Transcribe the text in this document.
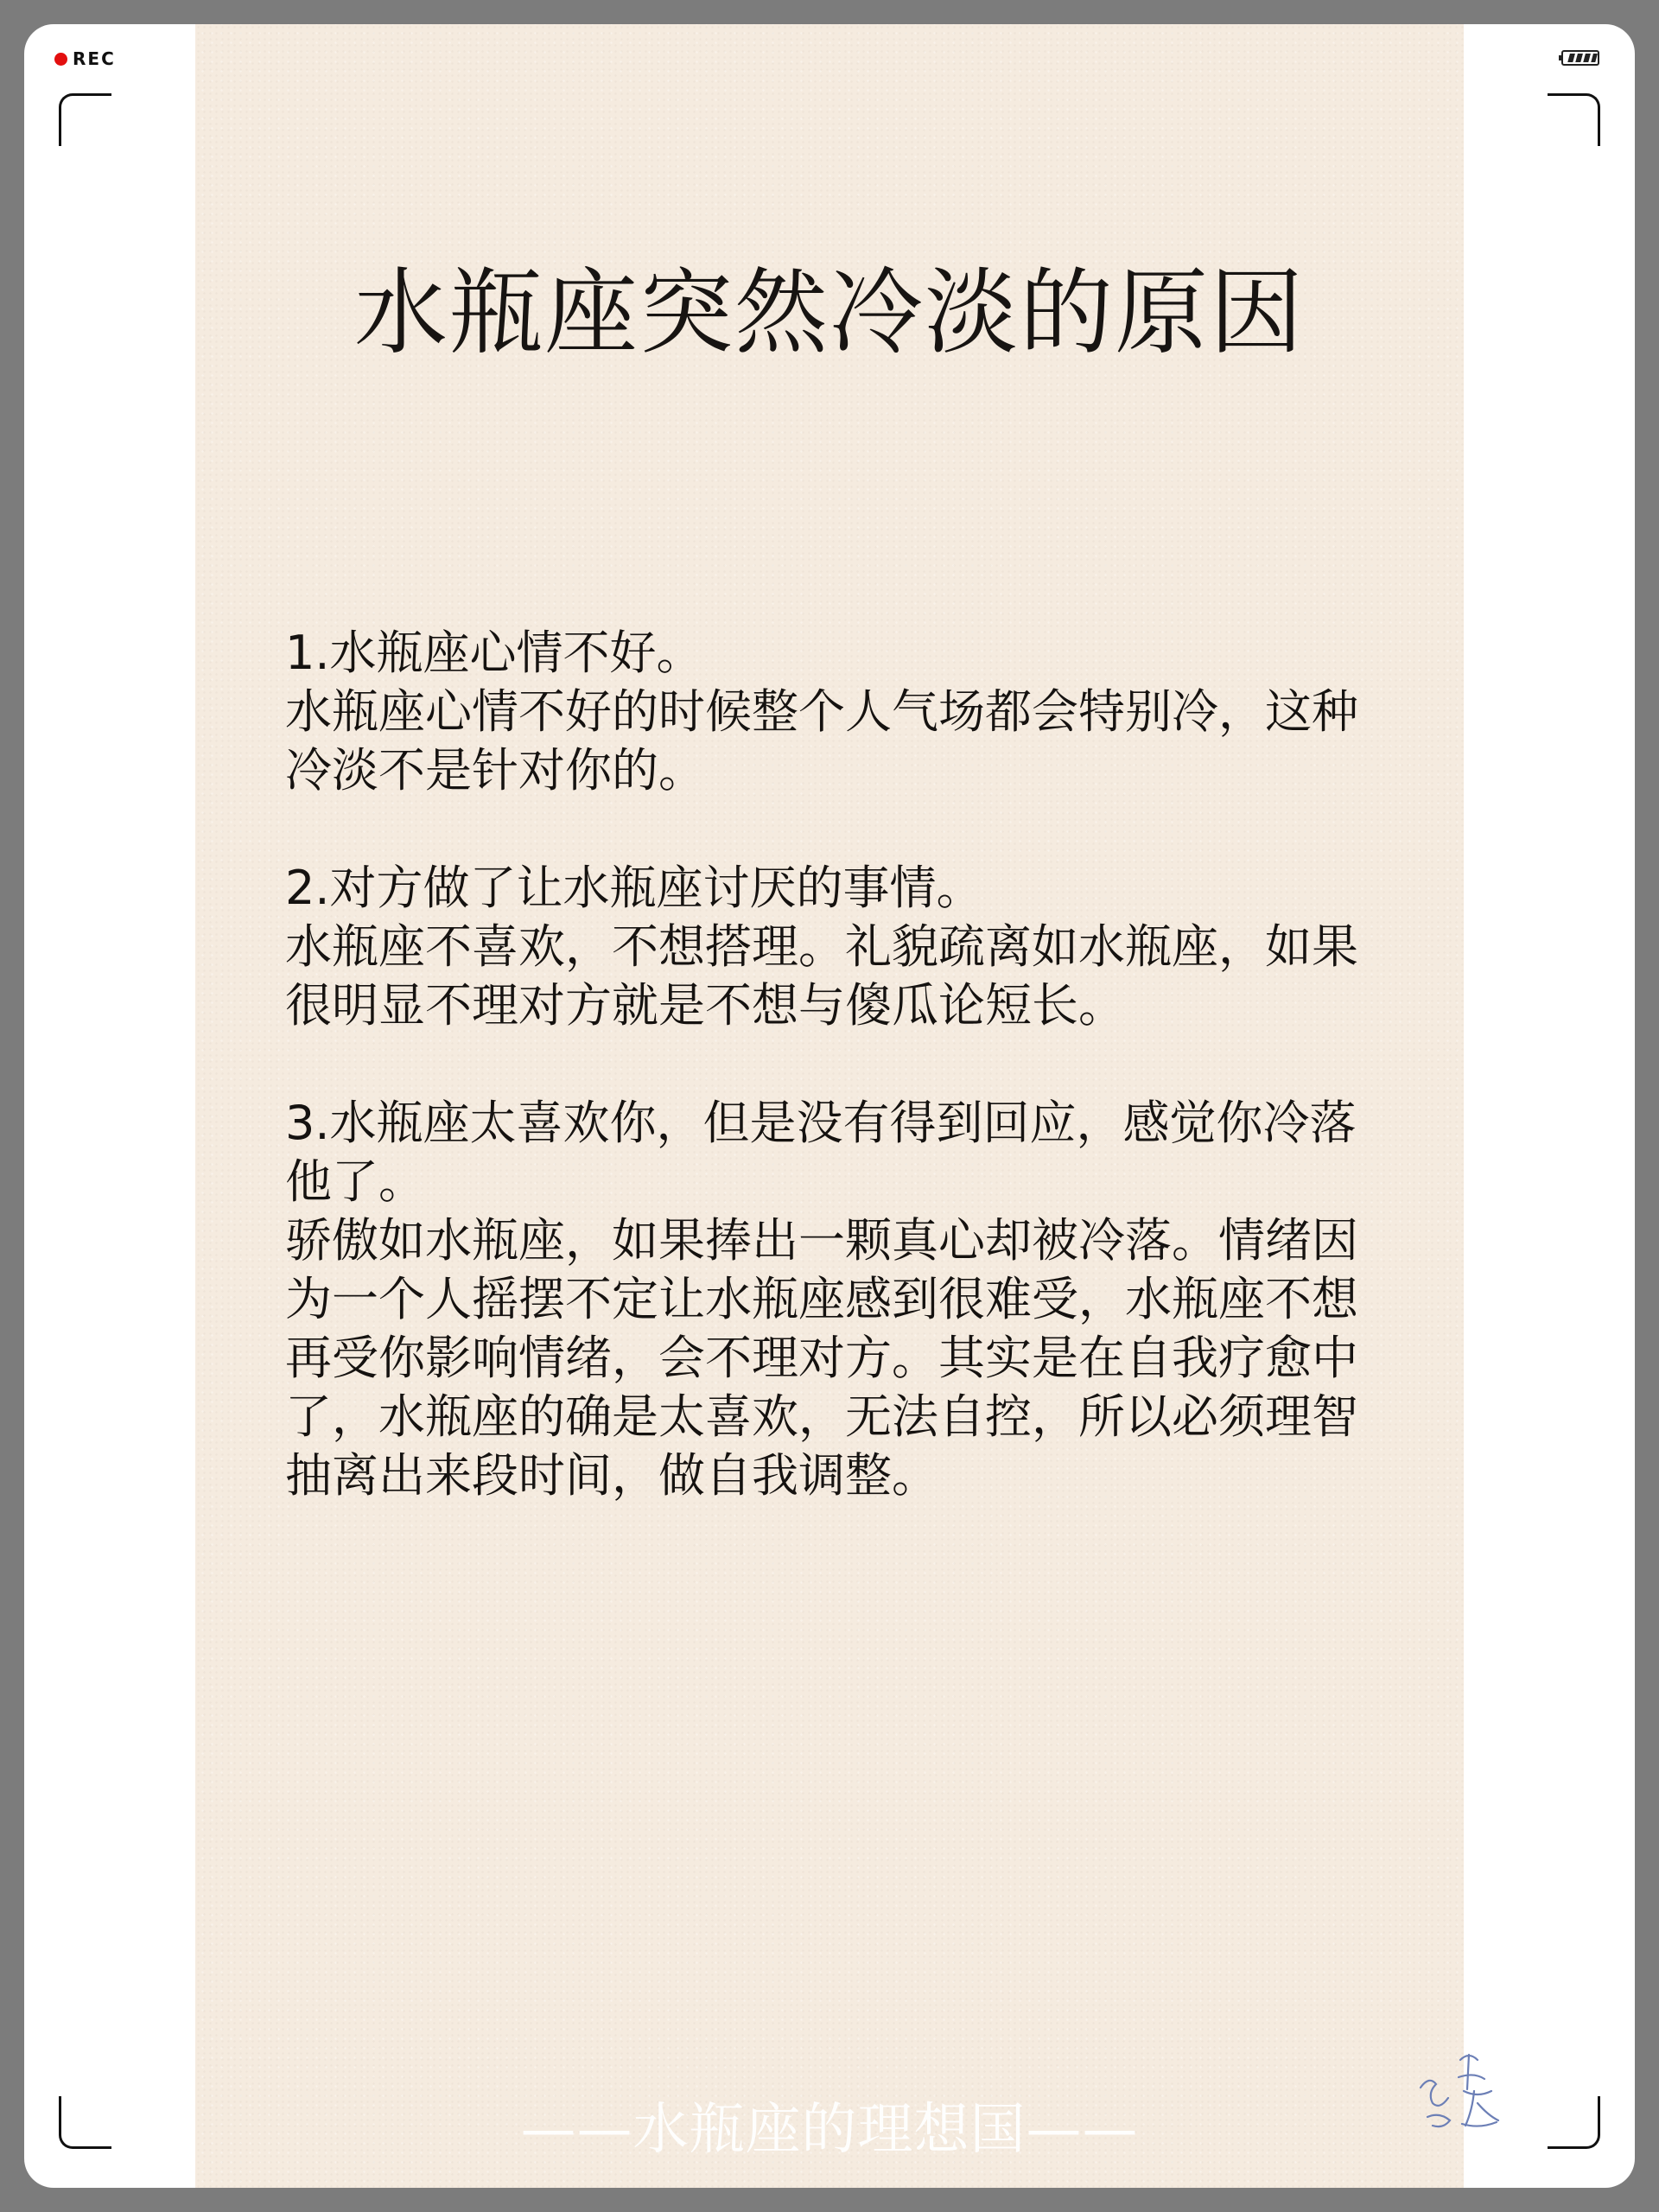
REC
水瓶座突然冷淡的原因

1.水瓶座心情不好。

水瓶座心情不好的时候整个人气场都会特别冷，这种冷淡不是针对你的。

2.对方做了让水瓶座讨厌的事情。

水瓶座不喜欢，不想搭理。礼貌疏离如水瓶座，如果很明显不理对方就是不想与傻瓜论短长。

3.水瓶座太喜欢你，但是没有得到回应，感觉你冷落他了。

骄傲如水瓶座，如果捧出一颗真心却被冷落。情绪因为一个人摇摆不定让水瓶座感到很难受，水瓶座不想再受你影响情绪，会不理对方。其实是在自我疗愈中了，水瓶座的确是太喜欢，无法自控，所以必须理智抽离出来段时间，做自我调整。

——水瓶座的理想国——
